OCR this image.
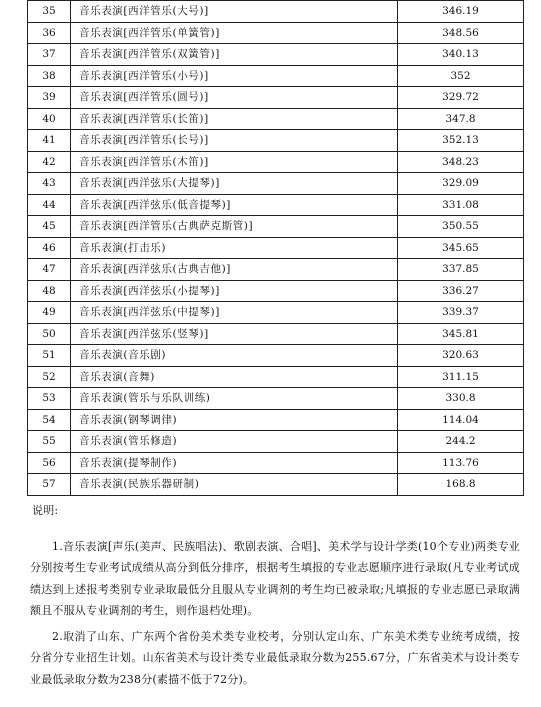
35	音乐表演[西洋管乐(大号)]	346.19
36	音乐表演[西洋管乐(单簧管)]	348.56
37	音乐表演[西洋管乐(双簧管)]	340.13
38	音乐表演[西洋管乐(小号)]	352
39	音乐表演[西洋管乐(圆号)]	329.72
40	音乐表演[西洋管乐(长笛)]	347.8
41	音乐表演[西洋管乐(长号)]	352.13
42	音乐表演[西洋管乐(木笛)]	348.23
43	音乐表演[西洋弦乐(大提琴)]	329.09
44	音乐表演[西洋弦乐(低音提琴)]	331.08
45	音乐表演[西洋管乐(古典萨克斯管)]	350.55
46	音乐表演(打击乐)	345.65
47	音乐表演[西洋弦乐(古典吉他)]	337.85
48	音乐表演[西洋弦乐(小提琴)]	336.27
49	音乐表演[西洋弦乐(中提琴)]	339.37
50	音乐表演[西洋弦乐(竖琴)]	345.81
51	音乐表演(音乐剧)	320.63
52	音乐表演(音舞)	311.15
53	音乐表演(管乐与乐队训练)	330.8
54	音乐表演(钢琴调律)	114.04
55	音乐表演(管乐修造)	244.2
56	音乐表演(提琴制作)	113.76
57	音乐表演(民族乐器研制)	168.8
说明:

1.音乐表演[声乐(美声、民族唱法)、歌剧表演、合唱]、美术学与设计学类(10个专业)两类专业分别按考生专业考试成绩从高分到低分排序，根据考生填报的专业志愿顺序进行录取(凡专业考试成绩达到上述报考类别专业录取最低分且服从专业调剂的考生均已被录取;凡填报的专业志愿已录取满额且不服从专业调剂的考生，则作退档处理)。

2.取消了山东、广东两个省份美术类专业校考，分别认定山东、广东美术类专业统考成绩，按分省分专业招生计划。山东省美术与设计类专业最低录取分数为255.67分，广东省美术与设计类专业最低录取分数为238分(素描不低于72分)。
